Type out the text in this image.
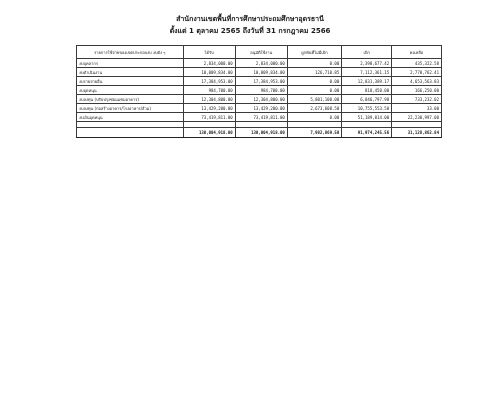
สำนักงานเขตพื้นที่การศึกษาประถมศึกษาอุดรธานี
ตั้งแต่ 1 ตุลาคม 2565 ถึงวันที่ 31 กรกฎาคม 2566
รายการใช้จ่ายของเขตประกอบงบ งบตัง ๆ	ได้รับ	อนุมัติใช้งาน	ผูกพันที่ไม่มีเบิก	เบิก	คงเหลือ
งบบุคลากร	2,834,000.00	2,834,000.00	0.00	2,398,677.42	435,322.58
งบดำเนินงาน	10,009,834.00	10,009,834.00	126,710.85	7,112,361.15	2,770,762.41
งบรายจ่ายอื่น	17,384,953.00	17,384,953.00	0.00	12,831,389.17	4,653,563.83
งบอุดหนุน	984,700.00	984,700.00	0.00	818,450.00	166,250.00
งบลงทุน (ปรับปรุงซ่อมแซมอาคาร)	12,304,800.00	12,304,800.00	5,801,100.00	6,846,797.98	733,232.02
งบลงทุน (ก่อสร้างอาคาร/โรงอาหาร/ส้วม)	13,429,200.00	13,429,200.00	2,673,608.50	10,755,553.50	33.00
งบเงินอุดหนุน	73,419,811.00	73,419,811.00	0.00	51,189,014.00	22,230,997.00

	130,004,918.00	130,004,918.00	7,982,869.50	91,974,245.56	31,128,862.84
